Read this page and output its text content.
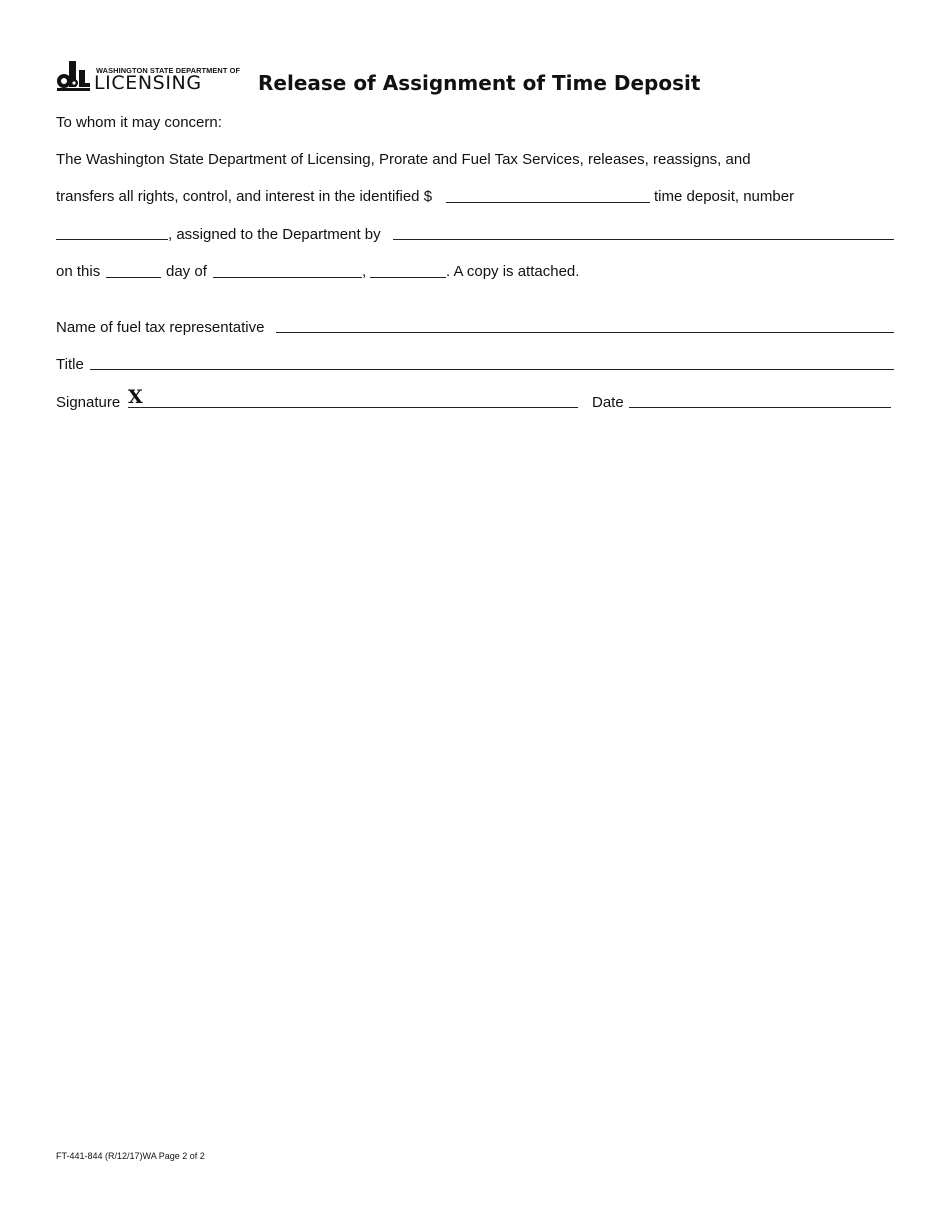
WASHINGTON STATE DEPARTMENT OF
LICENSING	Release of Assignment of Time Deposit
To whom it may concern:
The Washington State Department of Licensing, Prorate and Fuel Tax Services, releases, reassigns, and
transfers all rights, control, and interest in the identified $	time deposit, number
, assigned to the Department by
on this	day of	,	. A copy is attached.
Name of fuel tax representative
Title
Signature X	Date
FT-441-844 (R/12/17)WA Page 2 of 2
